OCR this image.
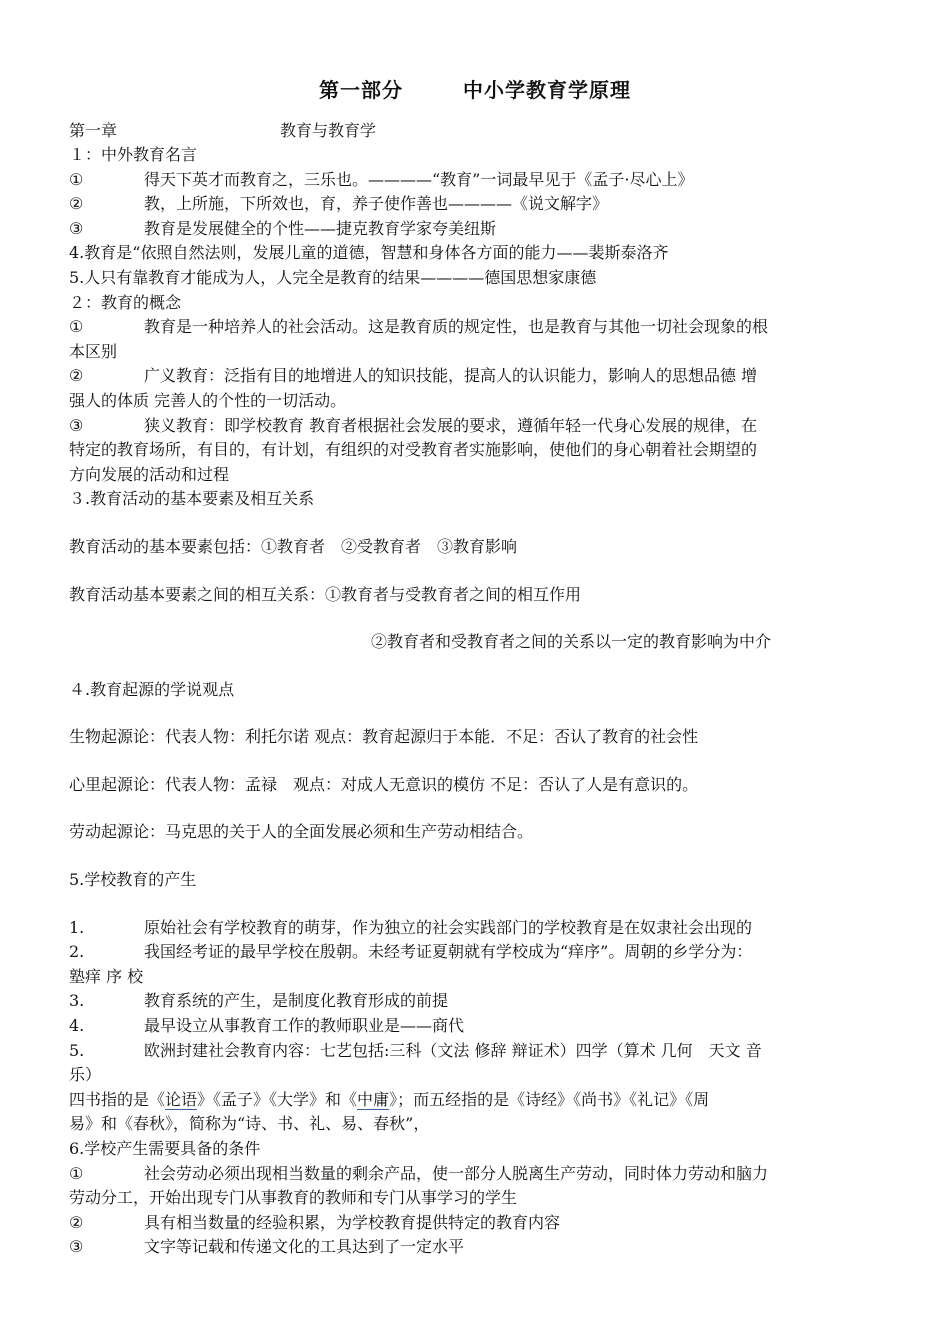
第一部分	中小学教育学原理
第一章	教育与教育学
１：中外教育名言
①	得天下英才而教育之，三乐也。————“教育”一词最早见于《孟子·尽心上》
②	教，上所施，下所效也，育，养子使作善也————《说文解字》
③	教育是发展健全的个性——捷克教育学家夸美纽斯
4.教育是“依照自然法则，发展儿童的道德，智慧和身体各方面的能力——裴斯泰洛齐
5.人只有靠教育才能成为人，人完全是教育的结果————德国思想家康德
２：教育的概念
①	教育是一种培养人的社会活动。这是教育质的规定性，也是教育与其他一切社会现象的根
本区别
②	广义教育：泛指有目的地增进人的知识技能，提高人的认识能力，影响人的思想品德 增
强人的体质 完善人的个性的一切活动。
③	狭义教育：即学校教育 教育者根据社会发展的要求，遵循年轻一代身心发展的规律，在
特定的教育场所，有目的，有计划，有组织的对受教育者实施影响，使他们的身心朝着社会期望的
方向发展的活动和过程
３.教育活动的基本要素及相互关系
教育活动的基本要素包括：①教育者　②受教育者　③教育影响
教育活动基本要素之间的相互关系：①教育者与受教育者之间的相互作用
②教育者和受教育者之间的关系以一定的教育影响为中介
４.教育起源的学说观点
生物起源论：代表人物：利托尔诺 观点：教育起源归于本能．不足：否认了教育的社会性
心里起源论：代表人物：孟禄　观点：对成人无意识的模仿 不足：否认了人是有意识的。
劳动起源论：马克思的关于人的全面发展必须和生产劳动相结合。
5.学校教育的产生
1.	原始社会有学校教育的萌芽，作为独立的社会实践部门的学校教育是在奴隶社会出现的
2.	我国经考证的最早学校在殷朝。未经考证夏朝就有学校成为“痒序”。周朝的乡学分为：
塾痒 序 校
3.	教育系统的产生，是制度化教育形成的前提
4.	最早设立从事教育工作的教师职业是——商代
5.	欧洲封建社会教育内容：七艺包括:三科（文法 修辞 辩证术）四学（算术 几何　天文 音
乐）
四书指的是《论语》《孟子》《大学》和《中庸》；而五经指的是《诗经》《尚书》《礼记》《周
易》和《春秋》，简称为“诗、书、礼、易、春秋”，
6.学校产生需要具备的条件
①	社会劳动必须出现相当数量的剩余产品，使一部分人脱离生产劳动，同时体力劳动和脑力
劳动分工，开始出现专门从事教育的教师和专门从事学习的学生
②	具有相当数量的经验积累，为学校教育提供特定的教育内容
③	文字等记载和传递文化的工具达到了一定水平
